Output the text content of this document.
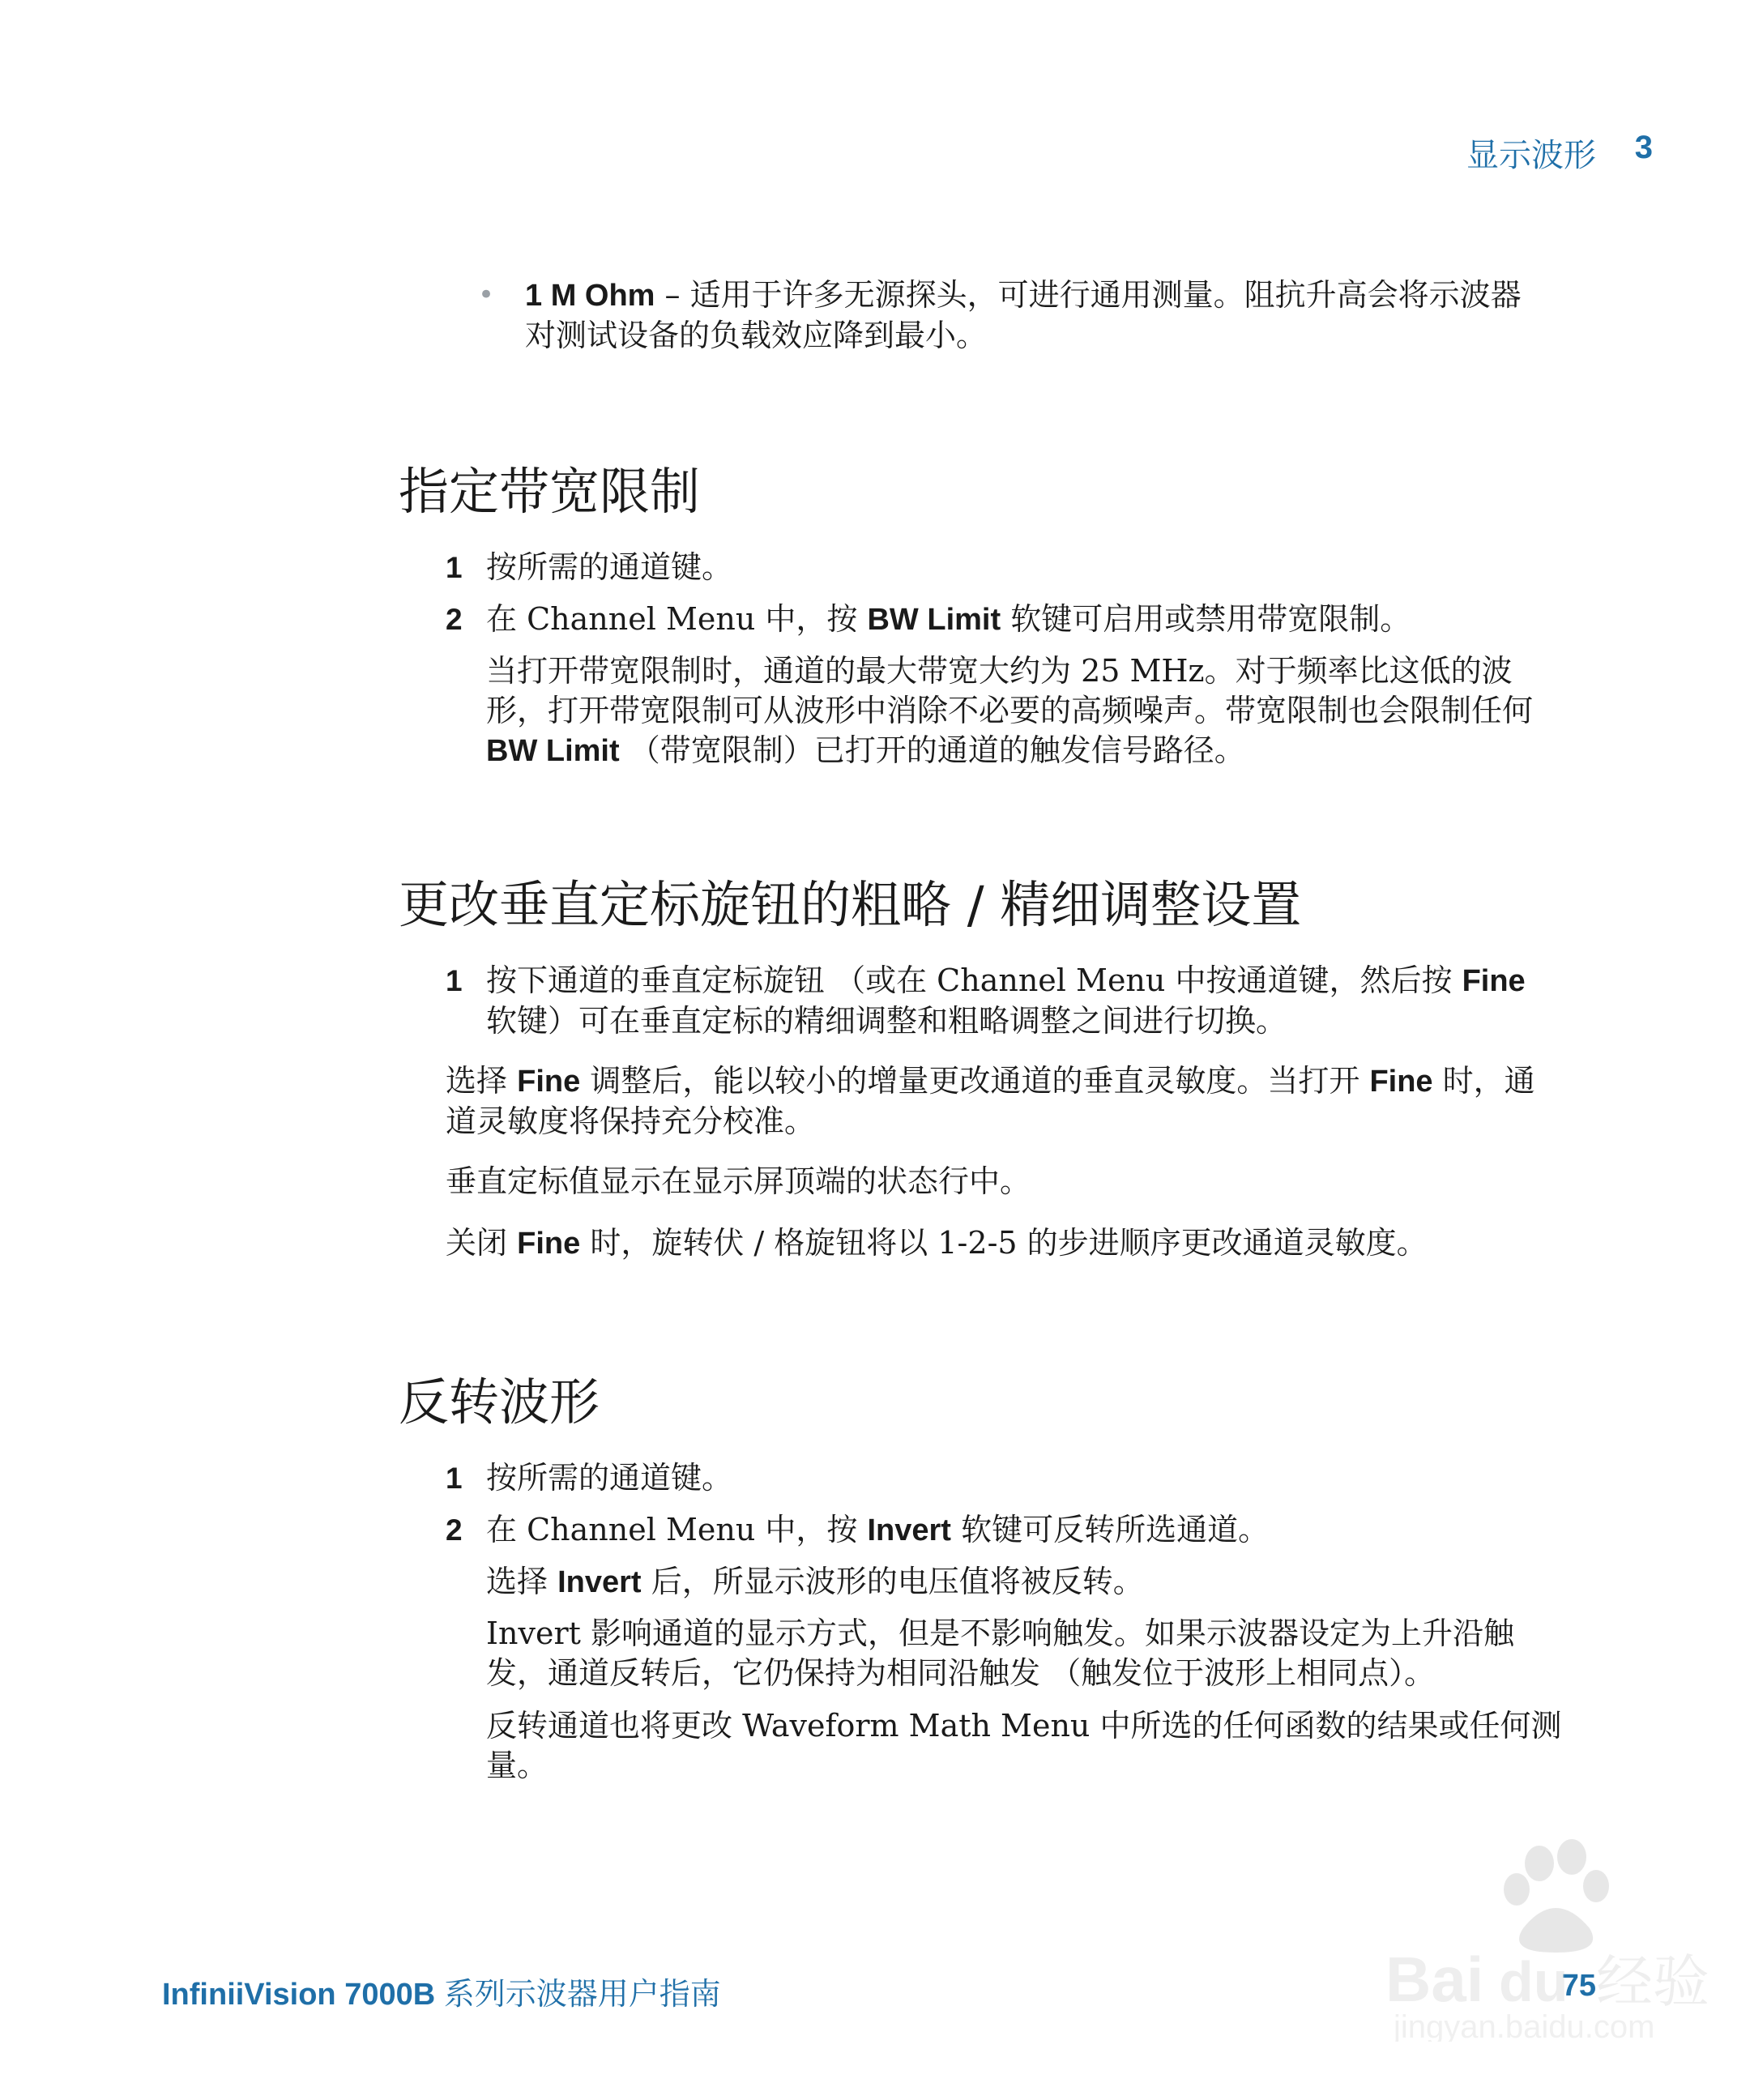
显示波形 3
• 1 M Ohm – 适用于许多无源探头，可进行通用测量。阻抗升高会将示波器
对测试设备的负载效应降到最小。
指定带宽限制
1 按所需的通道键。
2 在 Channel Menu 中，按 BW Limit 软键可启用或禁用带宽限制。
当打开带宽限制时，通道的最大带宽大约为 25 MHz。对于频率比这低的波
形，打开带宽限制可从波形中消除不必要的高频噪声。带宽限制也会限制任何
BW Limit （带宽限制）已打开的通道的触发信号路径。
更改垂直定标旋钮的粗略 / 精细调整设置
1 按下通道的垂直定标旋钮 （或在 Channel Menu 中按通道键，然后按 Fine
软键）可在垂直定标的精细调整和粗略调整之间进行切换。
选择 Fine 调整后，能以较小的增量更改通道的垂直灵敏度。当打开 Fine 时，通
道灵敏度将保持充分校准。
垂直定标值显示在显示屏顶端的状态行中。
关闭 Fine 时，旋转伏 / 格旋钮将以 1-2-5 的步进顺序更改通道灵敏度。
反转波形
1 按所需的通道键。
2 在 Channel Menu 中，按 Invert 软键可反转所选通道。
选择 Invert 后，所显示波形的电压值将被反转。
Invert 影响通道的显示方式，但是不影响触发。如果示波器设定为上升沿触
发，通道反转后，它仍保持为相同沿触发 （触发位于波形上相同点）。
反转通道也将更改 Waveform Math Menu 中所选的任何函数的结果或任何测
量。
InfiniiVision 7000B 系列示波器用户指南	75
Bai du 经验
jingyan.baidu.com
